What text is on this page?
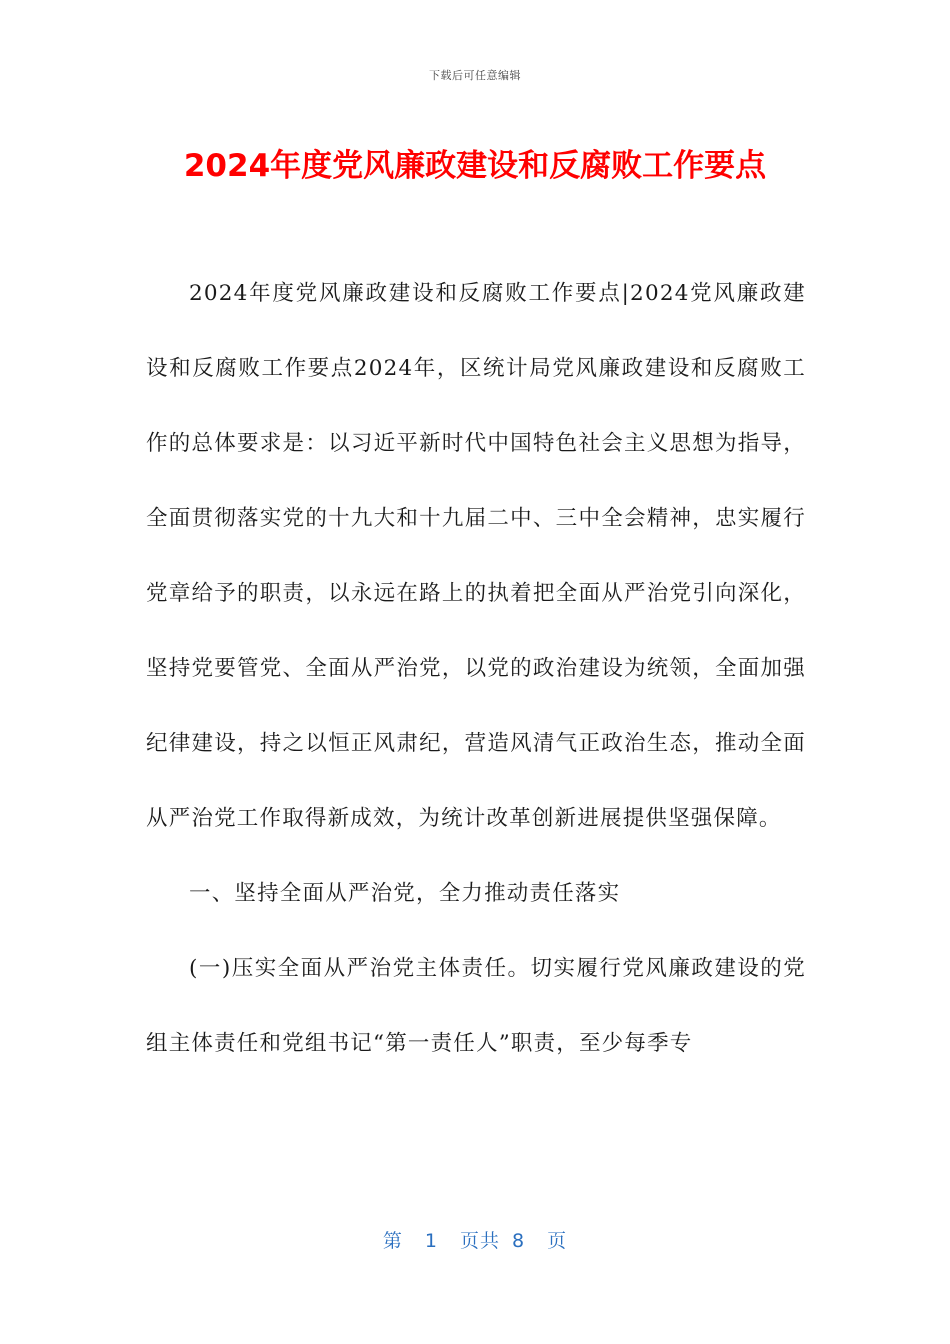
下载后可任意编辑
2024年度党风廉政建设和反腐败工作要点

2024年度党风廉政建设和反腐败工作要点|2024党风廉政建设和反腐败工作要点2024年，区统计局党风廉政建设和反腐败工作的总体要求是：以习近平新时代中国特色社会主义思想为指导，全面贯彻落实党的十九大和十九届二中、三中全会精神，忠实履行党章给予的职责，以永远在路上的执着把全面从严治党引向深化，坚持党要管党、全面从严治党，以党的政治建设为统领，全面加强纪律建设，持之以恒正风肃纪，营造风清气正政治生态，推动全面从严治党工作取得新成效，为统计改革创新进展提供坚强保障。

一、坚持全面从严治党，全力推动责任落实

(一)压实全面从严治党主体责任。切实履行党风廉政建设的党组主体责任和党组书记“第一责任人”职责，至少每季专

第 1 页共 8 页
